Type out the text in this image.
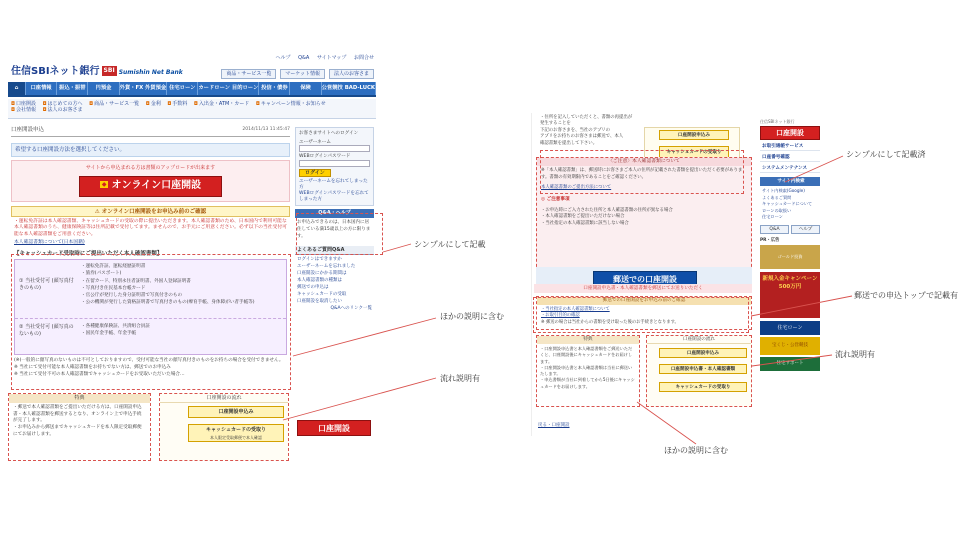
住信SBIネット銀行 SBI Sumishin Net Bank
ヘルプ Q&A サイトマップ お問合せ
商品・サービス一覧	マーケット情報	法人のお客さま
⌂	口座情報	振込・振替	円預金	外貨・FX 外貨預金 住宅ローン カードローン 目的ローン 投信・債券	保険	公営競技 BAD-LUCK
◘ 口座開設 ◘ はじめての方へ ◘ 商品・サービス一覧 ◘ 金利 ◘ 手数料 ◘ 入出金・ATM・カード ◘ キャンペーン情報・お知らせ
◘ 会社情報 ◘ 法人のお客さま
口座開設申込	2014/11/13 11:45:47
希望する口座開設方法を選択してください。
サイトから申込まれる方は書類のアップロードが出来ます
◆ オンライン口座開設
⚠ オンライン口座開設をお申込み前のご確認
・運転免許証は本人確認書類、キャッシュカードの受取の際に提出いただきます。本人確認書類のため、日本国内で利用可能な本人確認書類のうち、健康保険証等は住所記載で受付してます。ませんので、お手元にご用意ください。必ず以下の当社受付可能な本人確認書類をご用意ください。
本人確認書類について(日本国籍)
【キャッシュカード受取時にご提出いただく本人確認書類】
① 当社受付可 (顔写真付きのもの)
・運転免許証、運転経歴証明書
・旅券(パスポート)
・在留カード、特別永住者証明書、外国人登録証明書
・写真付き住民基本台帳カード
・官公庁が発行した身分証明書で写真付きのもの
・公の機関が発行した資格証明書で写真付きのもの(療育手帳、身体障がい者手帳等)
② 当社受付可 (顔写真のないもの)
・各種健康保険証、共済組合員証
・国民年金手帳、年金手帳
(※)一般的に顔写真のないものは不可としておりますので、受付可能な当社の顔写真付きのものをお持ちの場合を受付できません。
※ 当社にて受付可能な本人確認書類をお持ちでない方は、郵送でのお申込み
※ 当社にて受付不可の本人確認書類でキャッシュカードをお受取いただいた場合…
特典
・郵送で本人確認書類をご提出いただける方は、口座開設申込書・本人確認書類を郵送するとなり、オンライン上で申込手続が完了します。
・お申込みから郵送までキャッシュカードを本人限定受取郵便にてお届けします。
口座開設の流れ
口座開設申込み
キャッシュカードの受取り
本人限定受取郵便で本人確認
お客さまサイトへのログイン
ユーザーネーム
WEBログインパスワード
ログイン
ユーザーネームを忘れてしまった方
WEBログインパスワードを忘れてしまった方
Q&A・ヘルプ
お申込みできるのは、日本国内に居住している満15歳以上の方に限ります。
よくあるご質問Q&A
ログインはできますか
ユーザーネームを忘れました
口座開設にかかる期間は
本人確認書類の種類は
郵送での申込は
キャッシュカードの受取
口座開設を取消したい
Q&Aへのリンク一覧
口座開設
・住所を記入していただくと、書類の再提出が発生することを
下記のお客さまを、当社のアプリの
アプリをお持ちのお客さまは郵送で、本人
確認書類を提出して下さい。
口座開設申込み
キャッシュカードの受取り
〈ご注意〉本人確認書類について
※「本人確認書類」は、郵送時にお客さまご本人の住所が記載された書類を提出いただく必要があります。書類の有効期限内であることをご確認ください。
本人確認書類のご提出方法について
◎ ご注意事項
・お申込時にご入力された住所と本人確認書類の住所が異なる場合
・本人確認書類をご提出いただけない場合
・当社指定の本人確認書類に該当しない場合
郵送での口座開設
口座開設申込書・本人確認書類を郵送にてお送りいただく
郵送での口座開設をお申込み前のご確認
・当社指定の本人確認書類について
・お取引目的の確認
※ 郵送の場合は当社からの書類を受け取った後のお手続きとなります。
特典
・口座開設申込書と本人確認書類をご郵送いただくと、口座開設後にキャッシュカードをお届けします。
・口座開設申込書と本人確認書類は当社に郵送いたします。
・申込書類が当社に到着してから5日後にキャッシュカードをお届けします。
口座開設の流れ
口座開設申込み
口座開設申込書・本人確認書類
キャッシュカードの受取り
戻る・口座開設
住信SBIネット銀行
口座開設
お取引通帳サービス
口座番号確認
システムメンテナンス
サイト内検索
サイト内検索(Google)
よくあるご質問
キャッシュカードについて
ローンの取扱い
住宅ローン
Q&A	ヘルプ
PR・広告
ゴールド投資
新規入金キャンペーン 500万円
住宅ローン
宝くじ・公営競技
住宅サポート
シンプルにして記載
ほかの説明に含む
流れ説明有
シンプルにして記載済
郵送での申込トップで記載有
流れ説明有
ほかの説明に含む
